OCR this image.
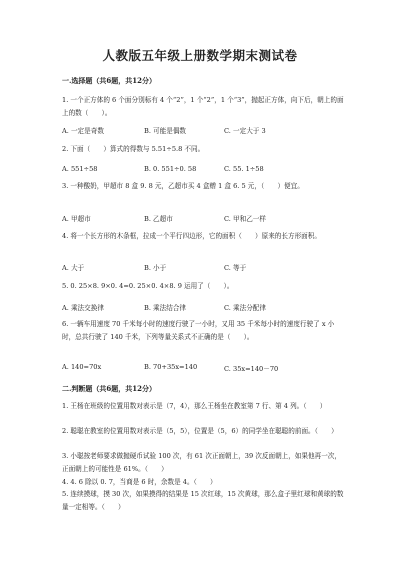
人教版五年级上册数学期末测试卷
一.选择题（共6题，共12分）

1. 一个正方体的 6 个面分别标有 4 个“2”，1 个“2”，1 个“3”，抛起正方体，向下后，朝上的面上的数（　　）。

A. 一定是奇数	B. 可能是偶数	C. 一定大于 3

2. 下面（　　）算式的得数与 5.51÷5.8 不同。

A. 551÷58	B. 0. 551÷0. 58	C. 55. 1÷58

3. 一种酸奶，甲超市 8 盒 9. 8 元，乙超市买 4 盒赠 1 盒 6. 5 元，（　　）便宜。

A. 甲超市	B. 乙超市	C. 甲和乙一样

4. 将一个长方形的木条框，拉成一个平行四边形，它的面积（　　）原来的长方形面积。

A. 大于	B. 小于	C. 等于

5. 0. 25×8. 9×0. 4=0. 25×0. 4×8. 9 运用了（　　）。

A. 乘法交换律	B. 乘法结合律	C. 乘法分配律

6. 一辆车用速度 70 千米每小时的速度行驶了一小时，又用 35 千米每小时的速度行驶了 x 小时，总共行驶了 140 千米，下列等量关系式不正确的是（　　）。

A. 140=70x	B. 70+35x=140	C. 35x=140－70
二.判断题（共6题，共12分）

1. 王杨在班级的位置用数对表示是（7，4），那么王杨坐在教室第 7 行、第 4 列。（　　）

2. 聪聪在教室的位置用数对表示是（5，5），位置是（5，6）的同学坐在聪聪的前面。（　　）

3. 小聪按老师要求做抛硬币试验 100 次，有 61 次正面朝上，39 次反面朝上，如果他再一次，正面朝上的可能性是 61%。（　　）

4. 4. 6 除以 0. 7，当商是 6 时，余数是 4。（　　）

5. 连续摸球，摸 30 次，如果摸得的结果是 15 次红球，15 次黄球，那么盒子里红球和黄球的数量一定相等。（　　）
